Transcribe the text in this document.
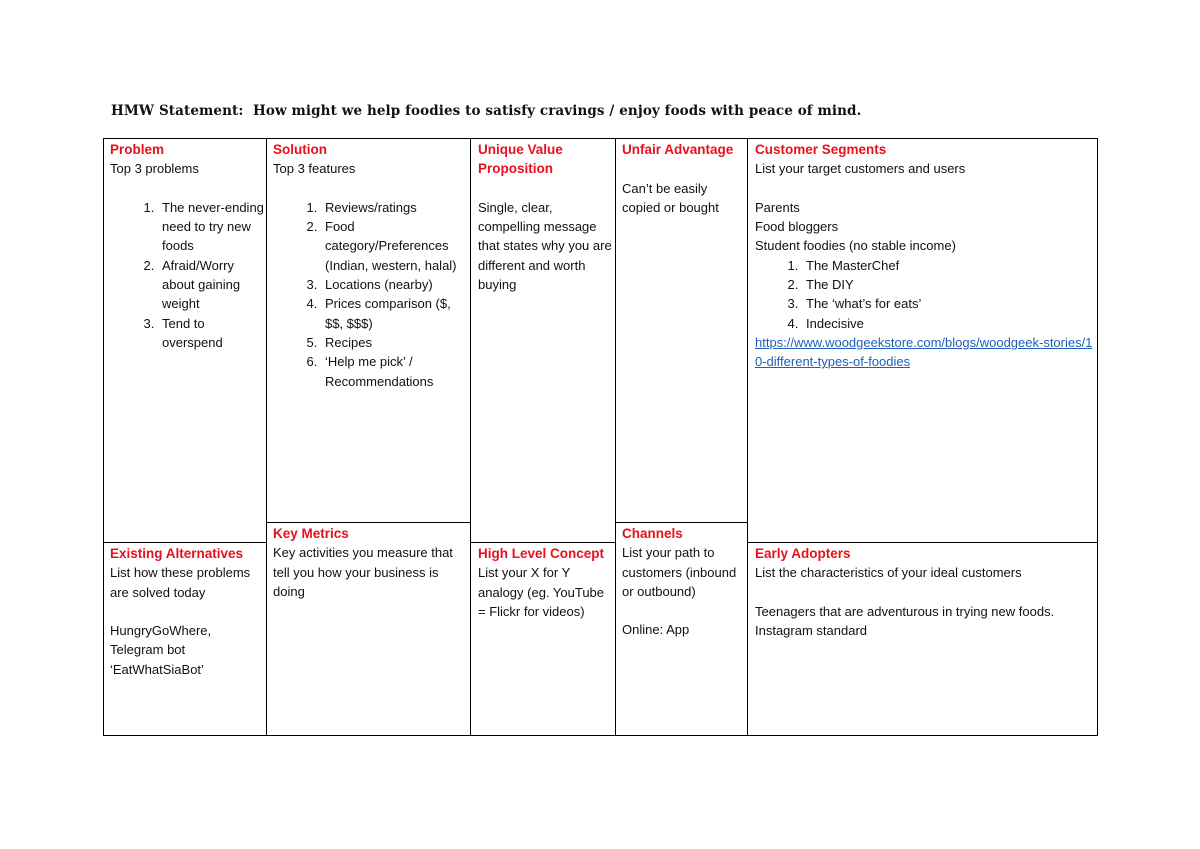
HMW Statement: How might we help foodies to satisfy cravings / enjoy foods with peace of mind.

Problem

Top 3 problems

1. The never-ending need to try new foods
2. Afraid/Worry about gaining weight
3. Tend to overspend

Solution

Top 3 features

1. Reviews/ratings
2. Food category/Preferences (Indian, western, halal)
3. Locations (nearby)
4. Prices comparison ($, $$, $$$)
5. Recipes
6. ‘Help me pick’ / Recommendations

Unique Value Proposition

Single, clear, compelling message that states why you are different and worth buying

Unfair Advantage

Can’t be easily copied or bought

Customer Segments

List your target customers and users

Parents

Food bloggers

Student foodies (no stable income)

1. The MasterChef
2. The DIY
3. The ‘what’s for eats’
4. Indecisive

https://www.woodgeekstore.com/blogs/woodgeek-stories/10-different-types-of-foodies

Existing Alternatives

List how these problems are solved today

HungryGoWhere, Telegram bot ‘EatWhatSiaBot’

Key Metrics

Key activities you measure that tell you how your business is doing

High Level Concept

List your X for Y analogy (eg. YouTube = Flickr for videos)

Channels

List your path to customers (inbound or outbound)

Online: App

Early Adopters

List the characteristics of your ideal customers

Teenagers that are adventurous in trying new foods.

Instagram standard
